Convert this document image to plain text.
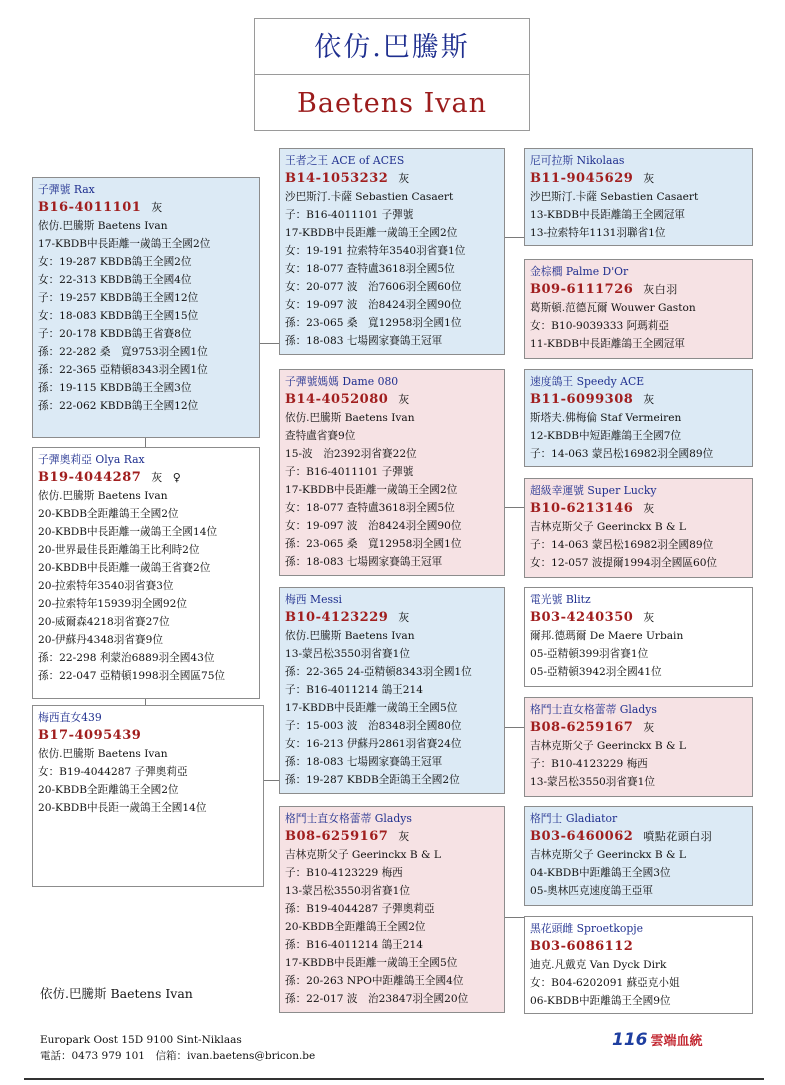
依仿.巴騰斯
Baetens Ivan
子彈號 Rax
B16-4011101 灰
依仿.巴騰斯 Baetens Ivan
17-KBDB中長距離一歲鴿王全國2位
女：19-287 KBDB鴿王全國2位
女：22-313 KBDB鴿王全國4位
子：19-257 KBDB鴿王全國12位
女：18-083 KBDB鴿王全國15位
子：20-178 KBDB鴿王省賽8位
孫：22-282 桑　寬9753羽全國1位
孫：22-365 亞精頓8343羽全國1位
孫：19-115 KBDB鴿王全國3位
孫：22-062 KBDB鴿王全國12位
子彈奧莉亞 Olya Rax
B19-4044287 灰 ♀
依仿.巴騰斯 Baetens Ivan
20-KBDB全距離鴿王全國2位
20-KBDB中長距離一歲鴿王全國14位
20-世界最佳長距離鴿王比利時2位
20-KBDB中長距離一歲鴿王省賽2位
20-拉索特年3540羽省賽3位
20-拉索特年15939羽全國92位
20-威爾森4218羽省賽27位
20-伊蘇丹4348羽省賽9位
孫：22-298 利蒙治6889羽全國43位
孫：22-047 亞精頓1998羽全國區75位
梅西直女439
B17-4095439
依仿.巴騰斯 Baetens Ivan
女：B19-4044287 子彈奧莉亞
20-KBDB全距離鴿王全國2位
20-KBDB中長距一歲鴿王全國14位
王者之王 ACE of ACES
B14-1053232 灰
沙巴斯汀.卡薩 Sebastien Casaert
子：B16-4011101 子彈號
17-KBDB中長距離一歲鴿王全國2位
女：19-191 拉索特年3540羽省賽1位
女：18-077 查特盧3618羽全國5位
女：20-077 波　治7606羽全國60位
女：19-097 波　治8424羽全國90位
孫：23-065 桑　寬12958羽全國1位
孫：18-083 七場國家賽鴿王冠軍
子彈號媽媽 Dame 080
B14-4052080 灰
依仿.巴騰斯 Baetens Ivan
查特盧省賽9位
15-波　治2392羽省賽22位
子：B16-4011101 子彈號
17-KBDB中長距離一歲鴿王全國2位
女：18-077 查特盧3618羽全國5位
女：19-097 波　治8424羽全國90位
孫：23-065 桑　寬12958羽全國1位
孫：18-083 七場國家賽鴿王冠軍
梅西 Messi
B10-4123229 灰
依仿.巴騰斯 Baetens Ivan
13-蒙呂松3550羽省賽1位
孫：22-365 24-亞精頓8343羽全國1位
子：B16-4011214 鴿王214
17-KBDB中長距離一歲鴿王全國5位
子：15-003 波　治8348羽全國80位
女：16-213 伊蘇丹2861羽省賽24位
孫：18-083 七場國家賽鴿王冠軍
孫：19-287 KBDB全距鴿王全國2位
格鬥士直女格蕾蒂 Gladys
B08-6259167 灰
吉林克斯父子 Geerinckx B & L
子：B10-4123229 梅西
13-蒙呂松3550羽省賽1位
孫：B19-4044287 子彈奧莉亞
20-KBDB全距離鴿王全國2位
孫：B16-4011214 鴿王214
17-KBDB中長距離一歲鴿王全國5位
孫：20-263 NPO中距離鴿王全國4位
孫：22-017 波　治23847羽全國20位
尼可拉斯 Nikolaas
B11-9045629 灰
沙巴斯汀.卡薩 Sebastien Casaert
13-KBDB中長距離鴿王全國冠軍
13-拉索特年1131羽聯省1位
金棕櫚 Palme D'Or
B09-6111726 灰白羽
葛斯頓.范德瓦爾 Wouwer Gaston
女：B10-9039333 阿瑪莉亞
11-KBDB中長距離鴿王全國冠軍
速度鴿王 Speedy ACE
B11-6099308 灰
斯塔夫.佛梅倫 Staf Vermeiren
12-KBDB中短距離鴿王全國7位
子：14-063 蒙呂松16982羽全國89位
超級幸運號 Super Lucky
B10-6213146 灰
吉林克斯父子 Geerinckx B & L
子：14-063 蒙呂松16982羽全國89位
女：12-057 波提爾1994羽全國區60位
電光號 Blitz
B03-4240350 灰
爾邦.德瑪爾 De Maere Urbain
05-亞精頓399羽省賽1位
05-亞精頓3942羽全國41位
格鬥士直女格蕾蒂 Gladys
B08-6259167 灰
吉林克斯父子 Geerinckx B & L
子：B10-4123229 梅西
13-蒙呂松3550羽省賽1位
格鬥士 Gladiator
B03-6460062 噴點花頭白羽
吉林克斯父子 Geerinckx B & L
04-KBDB中距離鴿王全國3位
05-奧林匹克速度鴿王亞軍
黑花頭雌 Sproetkopje
B03-6086112
迪克.凡戴克 Van Dyck Dirk
女：B04-6202091 蘇亞克小姐
06-KBDB中距離鴿王全國9位
依仿.巴騰斯 Baetens Ivan
Europark Oost 15D 9100 Sint-Niklaas
電話：0473 979 101　信箱：ivan.baetens@bricon.be
116 雲端血統
